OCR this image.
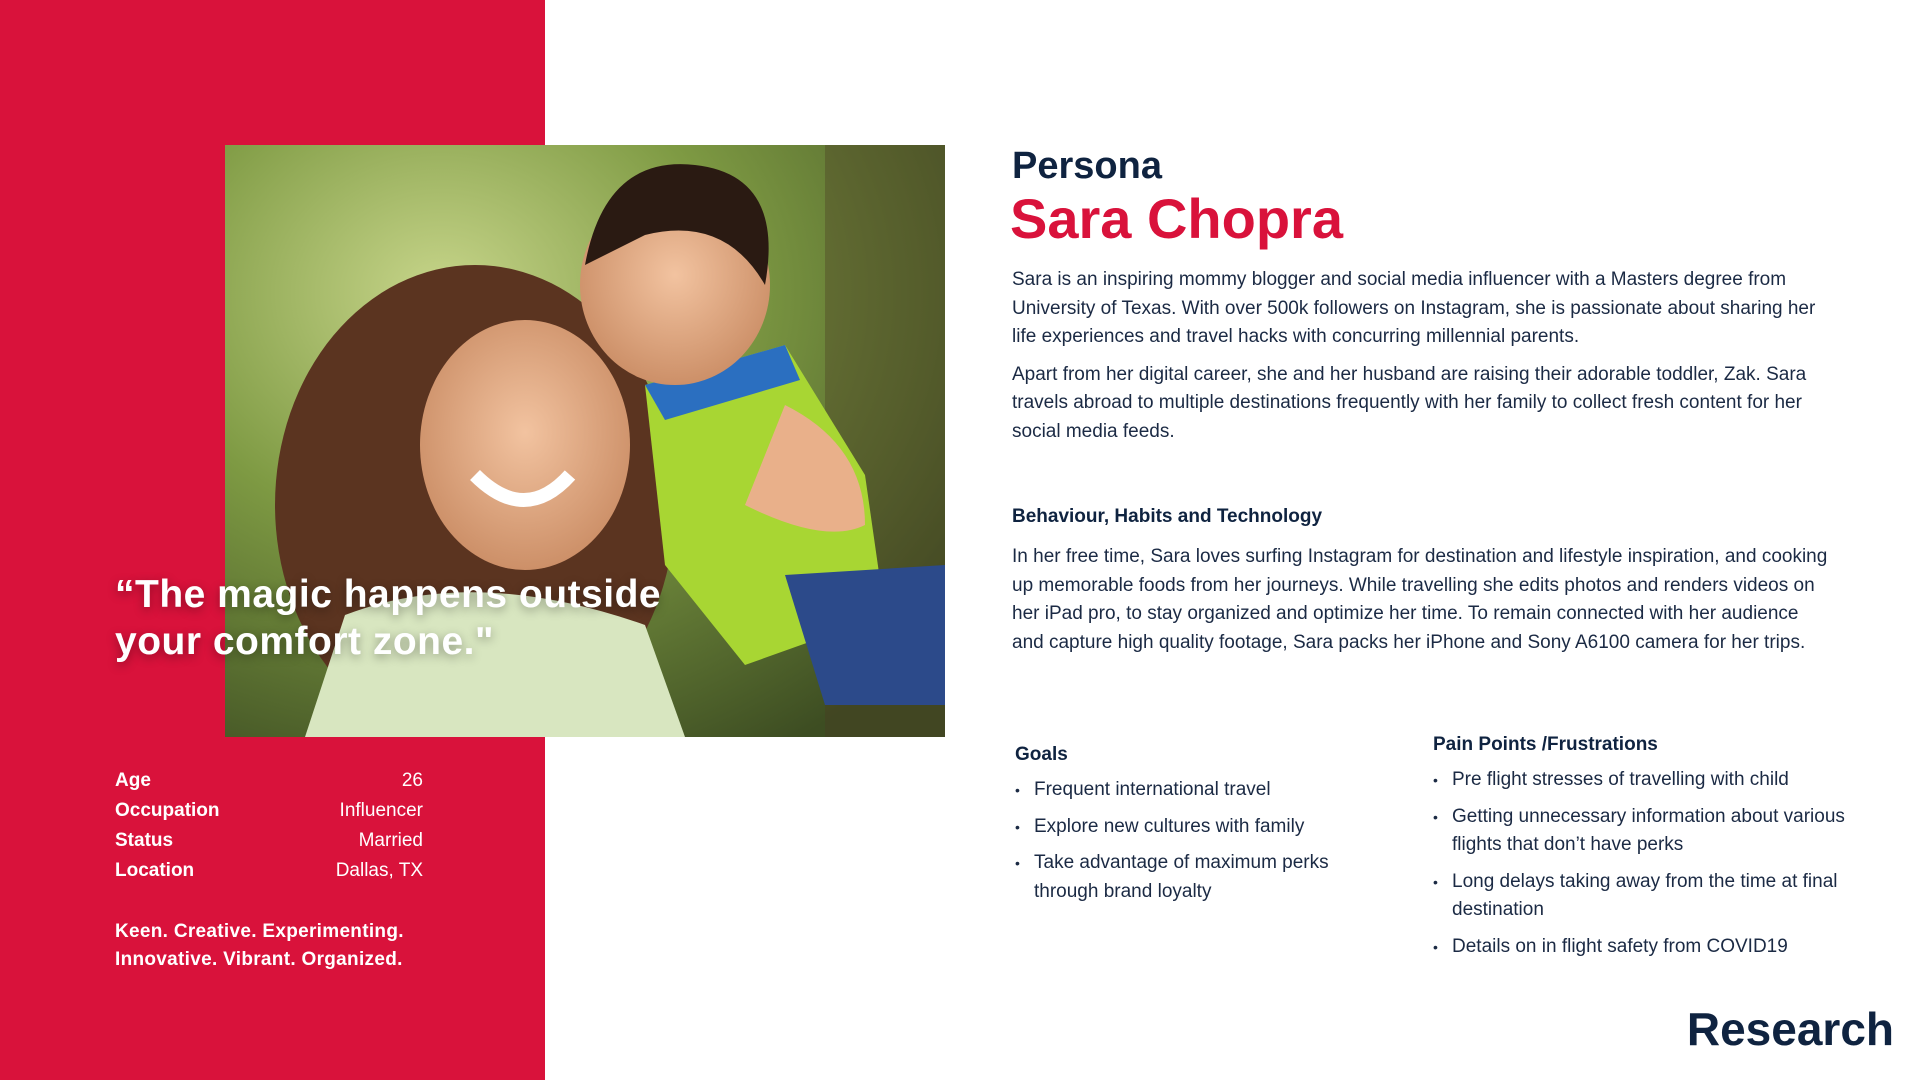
“The magic happens outside your comfort zone."
Age	26
Occupation	Influencer
Status	Married
Location	Dallas, TX
Keen. Creative. Experimenting.
Innovative. Vibrant. Organized.
Persona
Sara Chopra

Sara is an inspiring mommy blogger and social media influencer with a Masters degree from University of Texas. With over 500k followers on Instagram, she is passionate about sharing her life experiences and travel hacks with concurring millennial parents.

Apart from her digital career, she and her husband are raising their adorable toddler, Zak. Sara travels abroad to multiple destinations frequently with her family to collect fresh content for her social media feeds.

Behaviour, Habits and Technology
In her free time, Sara loves surfing Instagram for destination and lifestyle inspiration, and cooking up memorable foods from her journeys. While travelling she edits photos and renders videos on her iPad pro, to stay organized and optimize her time. To remain connected with her audience and capture high quality footage, Sara packs her iPhone and Sony A6100 camera for her trips.
Goals
• Frequent international travel
• Explore new cultures with family
• Take advantage of maximum perks through brand loyalty
Pain Points /Frustrations
• Pre flight stresses of travelling with child
• Getting unnecessary information about various flights that don’t have perks
• Long delays taking away from the time at final destination
• Details on in flight safety from COVID19
Research
